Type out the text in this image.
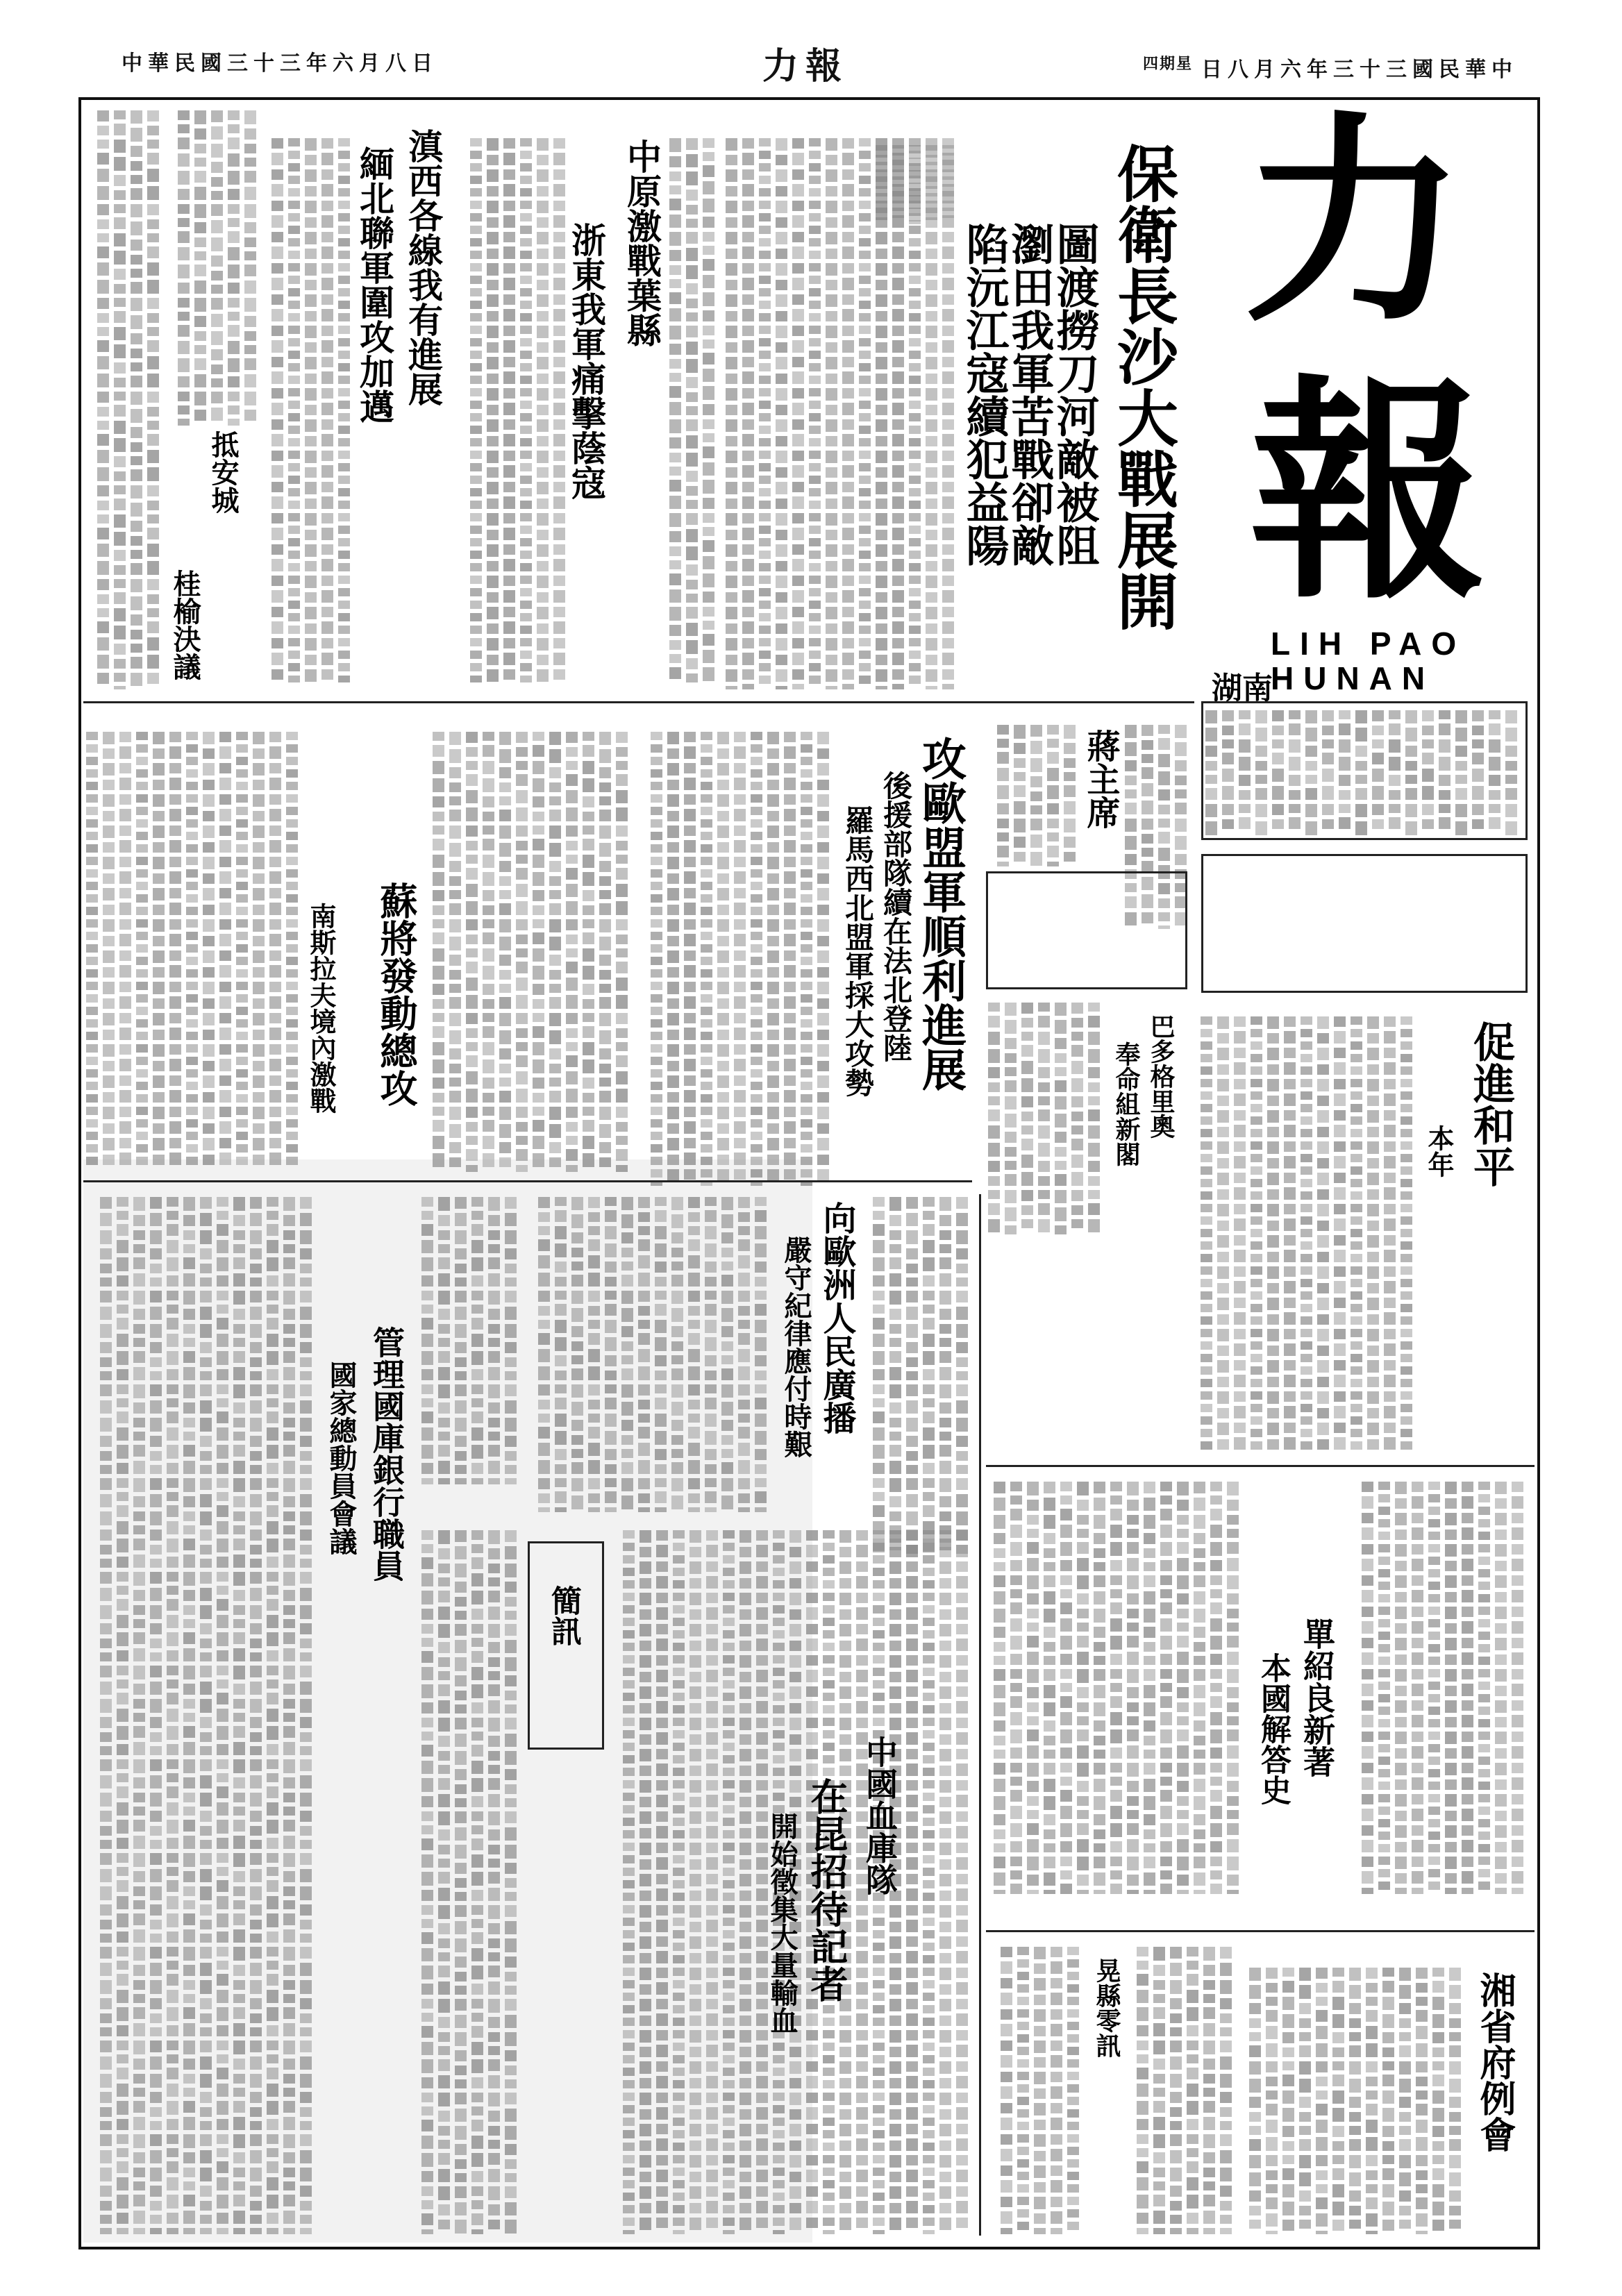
中華民國三十三年六月八日	力報	$^{四期星}$ 日八月六年三十三國民華中
力
報
LIH PAO
HUNAN
湖南
保衛長沙大戰展開
圖渡撈刀河敵被阻
瀏田我軍苦戰卻敵
陷沅江寇續犯益陽
中原激戰葉縣
浙東我軍痛擊蔭寇
滇西各線我有進展
緬北聯軍圍攻加邁
抵安城
桂榆決議
攻歐盟軍順利進展
後援部隊續在法北登陸
羅馬西北盟軍採大攻勢
蔣主席
巴多格里奧
奉命組新閣
蘇將發動總攻
南斯拉夫境內激戰	促進和平
本年
向歐洲人民廣播
嚴守紀律應付時艱
管理國庫銀行職員
國家總動員會議
簡訊
中國血庫隊
在昆招待記者
開始徵集大量輸血
單紹良新著
本國解答史
湘省府例會
晃縣零訊
